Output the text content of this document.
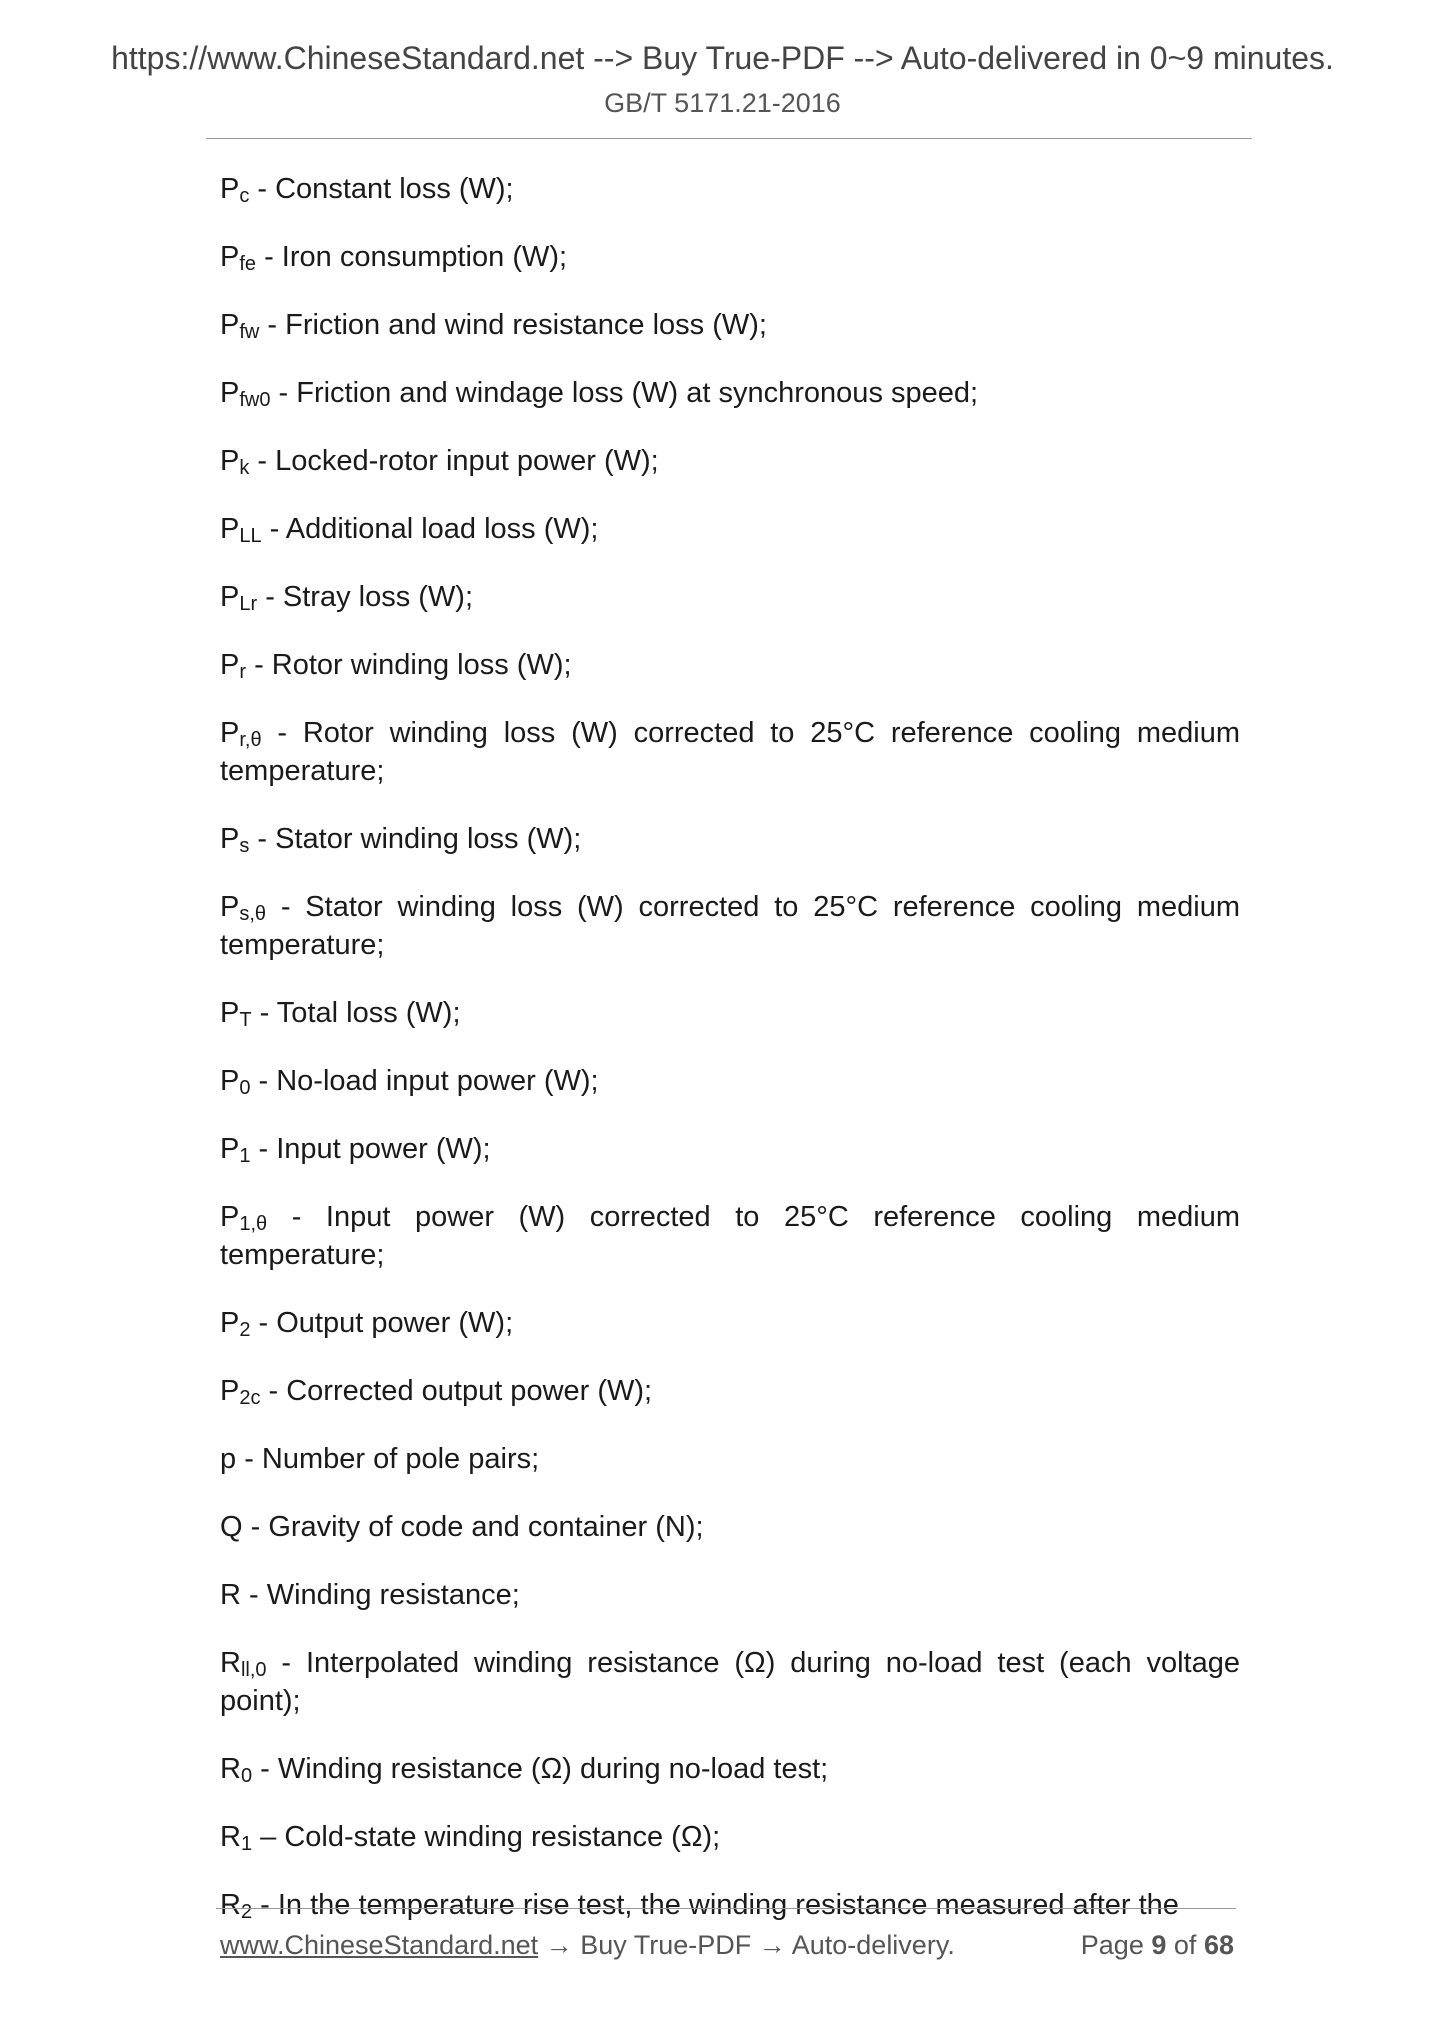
https://www.ChineseStandard.net --> Buy True-PDF --> Auto-delivered in 0~9 minutes.
GB/T 5171.21-2016

$P_c$ - Constant loss (W);

$P_{fe}$ - Iron consumption (W);

$P_{fw}$ - Friction and wind resistance loss (W);

$P_{fw0}$ - Friction and windage loss (W) at synchronous speed;

$P_k$ - Locked-rotor input power (W);

$P_{LL}$ - Additional load loss (W);

$P_{Lr}$ - Stray loss (W);

$P_r$ - Rotor winding loss (W);

$P_{r,\theta}$ - Rotor winding loss (W) corrected to 25°C reference cooling medium temperature;

$P_s$ - Stator winding loss (W);

$P_{s,\theta}$ - Stator winding loss (W) corrected to 25°C reference cooling medium temperature;

$P_T$ - Total loss (W);

$P_0$ - No-load input power (W);

$P_1$ - Input power (W);

$P_{1,\theta}$ - Input power (W) corrected to 25°C reference cooling medium temperature;

$P_2$ - Output power (W);

$P_{2c}$ - Corrected output power (W);

p - Number of pole pairs;

Q - Gravity of code and container (N);

R - Winding resistance;

$R_{ll,0}$ - Interpolated winding resistance (Ω) during no-load test (each voltage point);

$R_0$ - Winding resistance (Ω) during no-load test;

$R_1$ – Cold-state winding resistance (Ω);

$R_2$ - In the temperature rise test, the winding resistance measured after the

www.ChineseStandard.net → Buy True-PDF → Auto-delivery.	Page 9 of 68
